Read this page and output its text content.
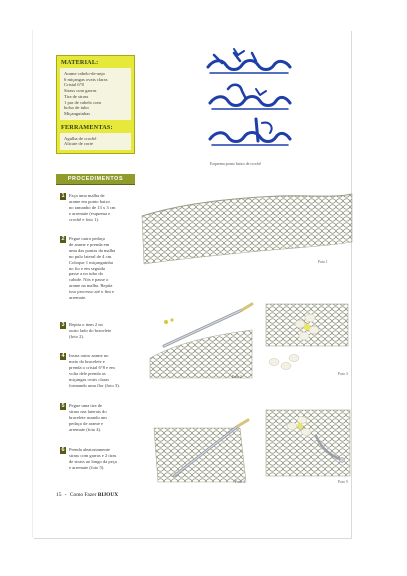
MATERIAL:
Arame cabelo-de-anjo
6 miçangas ovais claras
Cristal 6°8
Strass com garras
Tira de strass
1 par de cabelo com
bolso de tubo
Miçanguinhas
FERRAMENTAS:
Agulha de crochê
Alicate de corte
PROCEDIMENTOS
1 Faça uma malha de
arame em ponto baixo
no tamanho de 13 x 3 cm
e arremate (esquema e
crochê e foto 1).
2 Pegue outro pedaço
de arame e prenda em
uma das pontas da malha
no pulo lateral de 4 cm.
Coloque 1 miçanguinha
no fio e em seguida
passe a no tubo do
cabide. Nós e passe o
arame na malha. Repita
isso processo até o fim e
arremate.
3 Repita o item 2 no
outro lado do bracelete
(foto 2).
4 Insira outro arame no
meio do bracelete e
prenda o cristal 6°8 e em
volta dele prenda as
miçangas ovais claras
formando uma flor (foto 3).
5 Pegue uma tira de
strass nas laterais do
bracelete usando um
pedaço de arame e
arremate (foto 4).
6 Prenda aleatoriamente
strass com garras e 2 tiras
de strass ao longo da peça
e arremate (foto 5).
Esquema ponto baixo de crochê
Foto 1
Foto 2
Foto 3
Foto 4	Foto 5
15 - Como Fazer BIJOUX
